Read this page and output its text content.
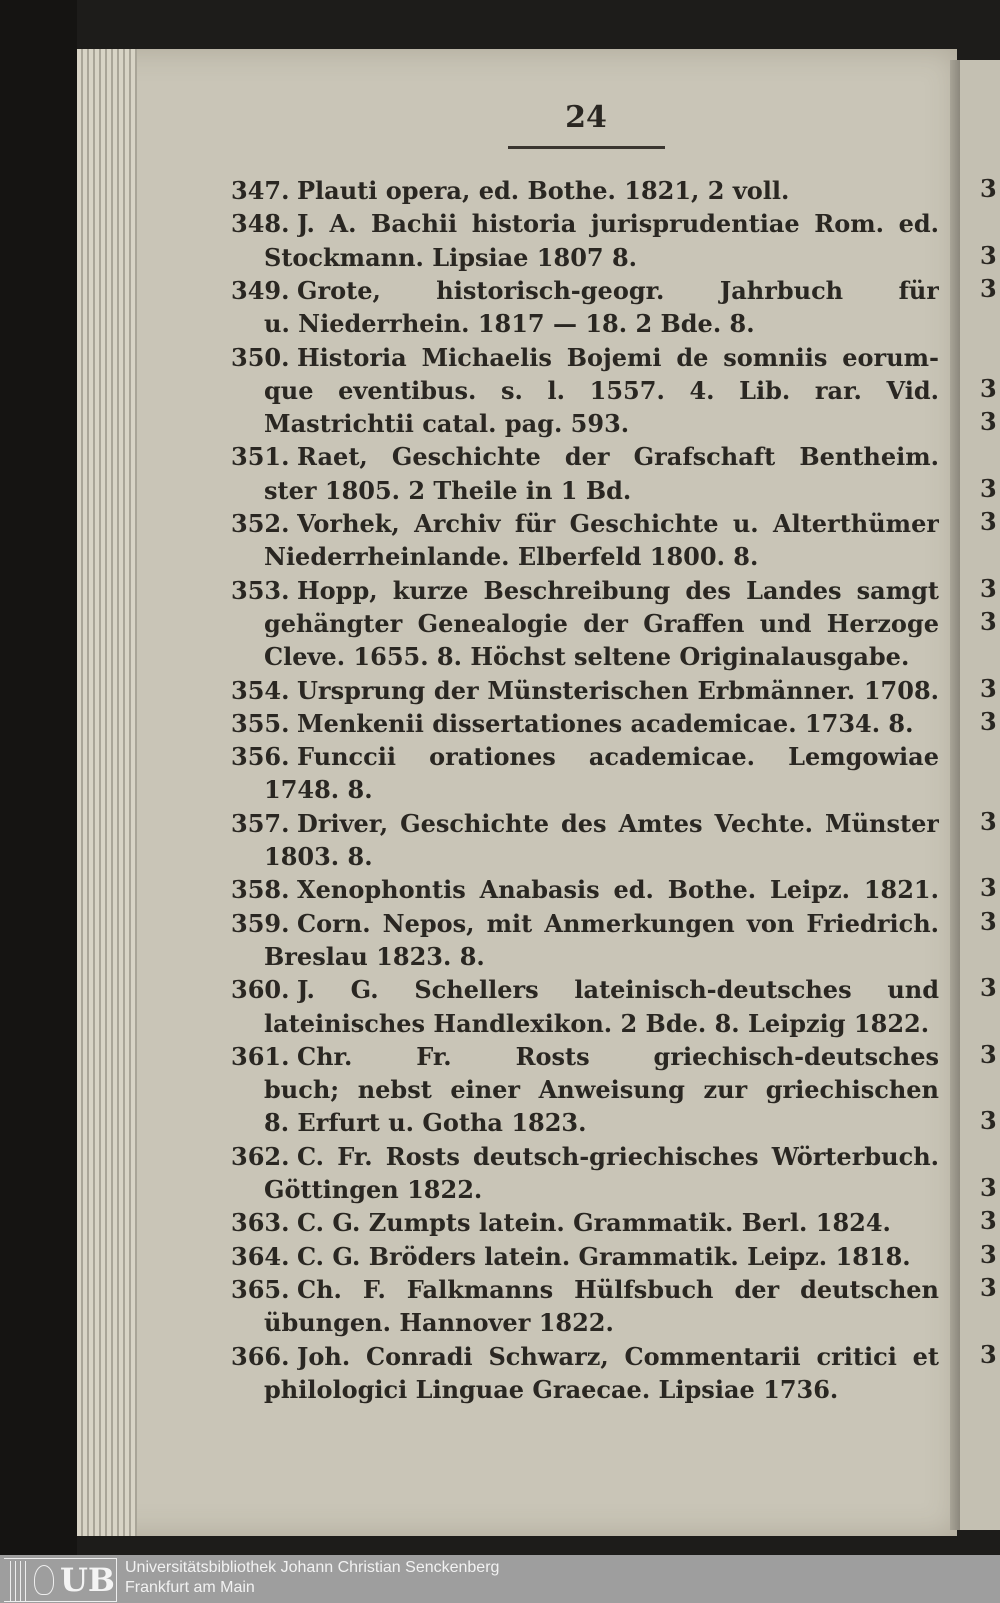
24
347. Plauti opera, ed. Bothe. 1821, 2 voll.
348. J. A. Bachii historia jurisprudentiae Rom. ed.
Stockmann. Lipsiae 1807 8.
349. Grote, historisch-geogr. Jahrbuch für
u. Niederrhein. 1817 — 18. 2 Bde. 8.
350. Historia Michaelis Bojemi de somniis eorum-
que eventibus. s. l. 1557. 4. Lib. rar. Vid.
Mastrichtii catal. pag. 593.
351. Raet, Geschichte der Grafschaft Bentheim.
ster 1805. 2 Theile in 1 Bd.
352. Vorhek, Archiv für Geschichte u. Alterthümer
Niederrheinlande. Elberfeld 1800. 8.
353. Hopp, kurze Beschreibung des Landes samgt
gehängter Genealogie der Graffen und Herzoge
Cleve. 1655. 8. Höchst seltene Originalausgabe.
354. Ursprung der Münsterischen Erbmänner. 1708.
355. Menkenii dissertationes academicae. 1734. 8.
356. Funccii orationes academicae. Lemgowiae
1748. 8.
357. Driver, Geschichte des Amtes Vechte. Münster
1803. 8.
358. Xenophontis Anabasis ed. Bothe. Leipz. 1821.
359. Corn. Nepos, mit Anmerkungen von Friedrich.
Breslau 1823. 8.
360. J. G. Schellers lateinisch-deutsches und
lateinisches Handlexikon. 2 Bde. 8. Leipzig 1822.
361. Chr. Fr. Rosts griechisch-deutsches
buch; nebst einer Anweisung zur griechischen
8. Erfurt u. Gotha 1823.
362. C. Fr. Rosts deutsch-griechisches Wörterbuch.
Göttingen 1822.
363. C. G. Zumpts latein. Grammatik. Berl. 1824.
364. C. G. Bröders latein. Grammatik. Leipz. 1818.
365. Ch. F. Falkmanns Hülfsbuch der deutschen
übungen. Hannover 1822.
366. Joh. Conradi Schwarz, Commentarii critici et
philologici Linguae Graecae. Lipsiae 1736.
3
3
3
3
3
3
3
3
3
3
3
3
3
3
3
3
3
3
3
3
3
3
UB Universitätsbibliothek Johann Christian Senckenberg
Frankfurt am Main
